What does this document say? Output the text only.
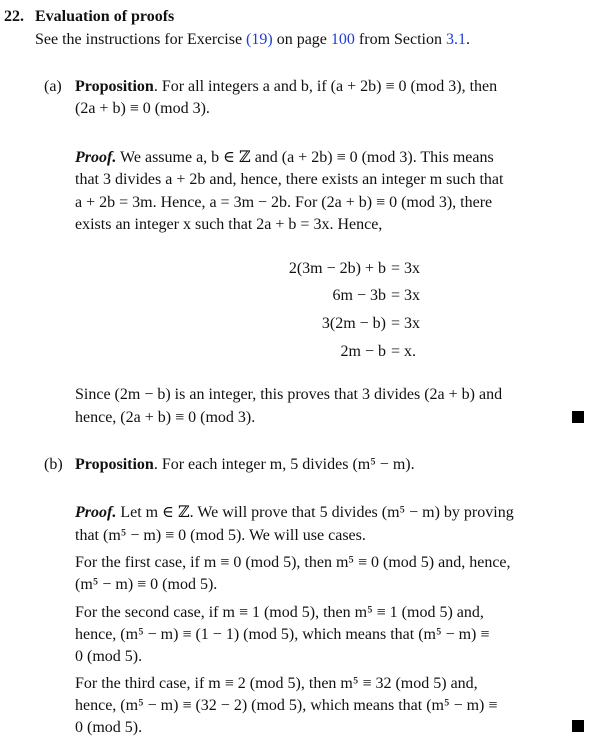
22. Evaluation of proofs
See the instructions for Exercise (19) on page 100 from Section 3.1.
(a) Proposition. For all integers a and b, if (a + 2b) ≡ 0 (mod 3), then
(2a + b) ≡ 0 (mod 3).
Proof. We assume a, b ∈ ℤ and (a + 2b) ≡ 0 (mod 3). This means
that 3 divides a + 2b and, hence, there exists an integer m such that
a + 2b = 3m. Hence, a = 3m − 2b. For (2a + b) ≡ 0 (mod 3), there
exists an integer x such that 2a + b = 3x. Hence,
2(3m − 2b) + b = 3x
6m − 3b = 3x
3(2m − b) = 3x
2m − b = x.
Since (2m − b) is an integer, this proves that 3 divides (2a + b) and
hence, (2a + b) ≡ 0 (mod 3).
(b) Proposition. For each integer m, 5 divides (m⁵ − m).
Proof. Let m ∈ ℤ. We will prove that 5 divides (m⁵ − m) by proving
that (m⁵ − m) ≡ 0 (mod 5). We will use cases.
For the first case, if m ≡ 0 (mod 5), then m⁵ ≡ 0 (mod 5) and, hence,
(m⁵ − m) ≡ 0 (mod 5).
For the second case, if m ≡ 1 (mod 5), then m⁵ ≡ 1 (mod 5) and,
hence, (m⁵ − m) ≡ (1 − 1) (mod 5), which means that (m⁵ − m) ≡
0 (mod 5).
For the third case, if m ≡ 2 (mod 5), then m⁵ ≡ 32 (mod 5) and,
hence, (m⁵ − m) ≡ (32 − 2) (mod 5), which means that (m⁵ − m) ≡
0 (mod 5).
